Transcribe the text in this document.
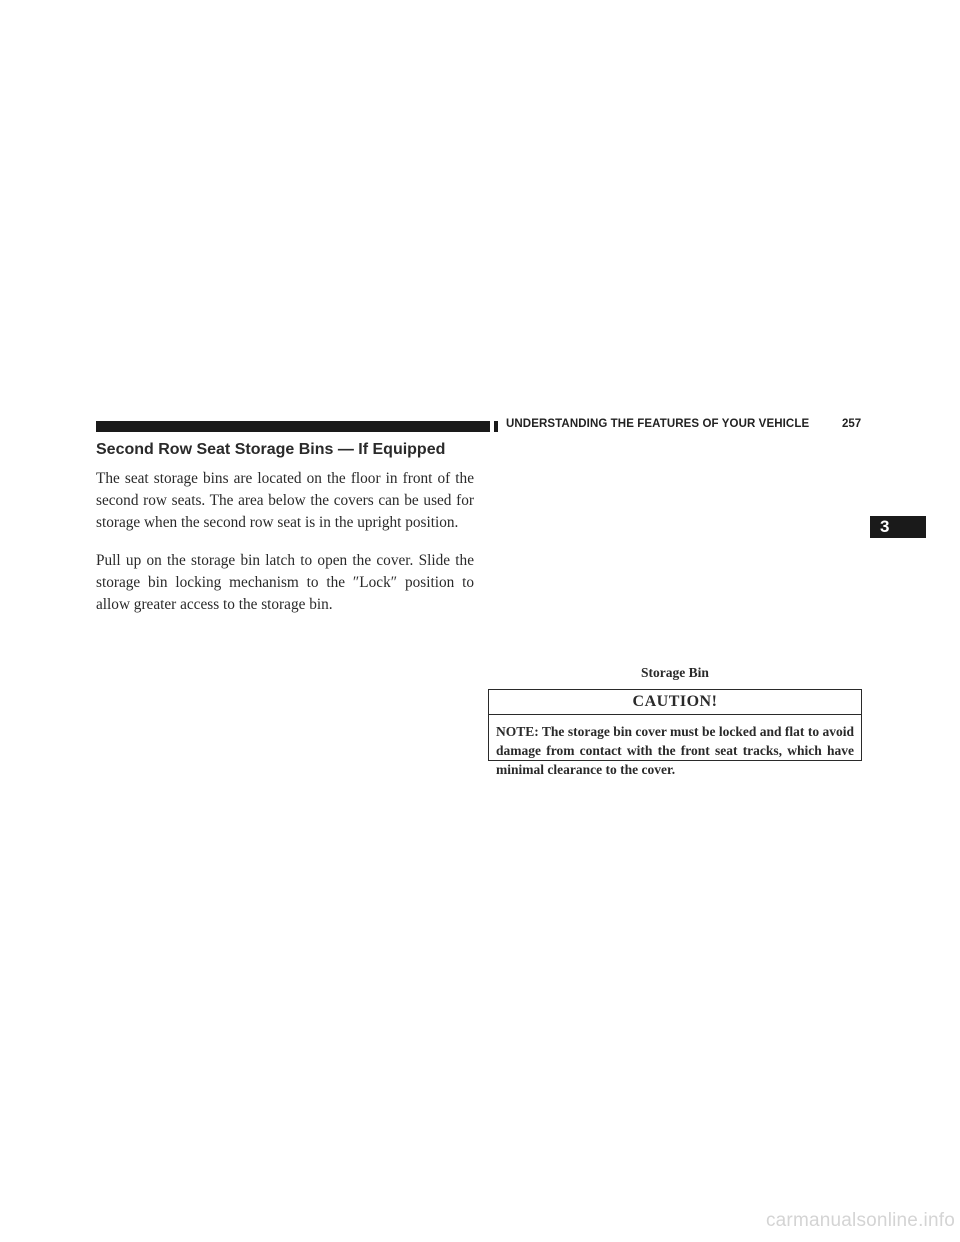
UNDERSTANDING THE FEATURES OF YOUR VEHICLE	257
3
Second Row Seat Storage Bins — If Equipped

The seat storage bins are located on the floor in front of the second row seats. The area below the covers can be used for storage when the second row seat is in the upright position.

Pull up on the storage bin latch to open the cover. Slide the storage bin locking mechanism to the ″Lock″ position to allow greater access to the storage bin.

Storage Bin
CAUTION!

NOTE: The storage bin cover must be locked and flat to avoid damage from contact with the front seat tracks, which have minimal clearance to the cover.

carmanualsonline.info
